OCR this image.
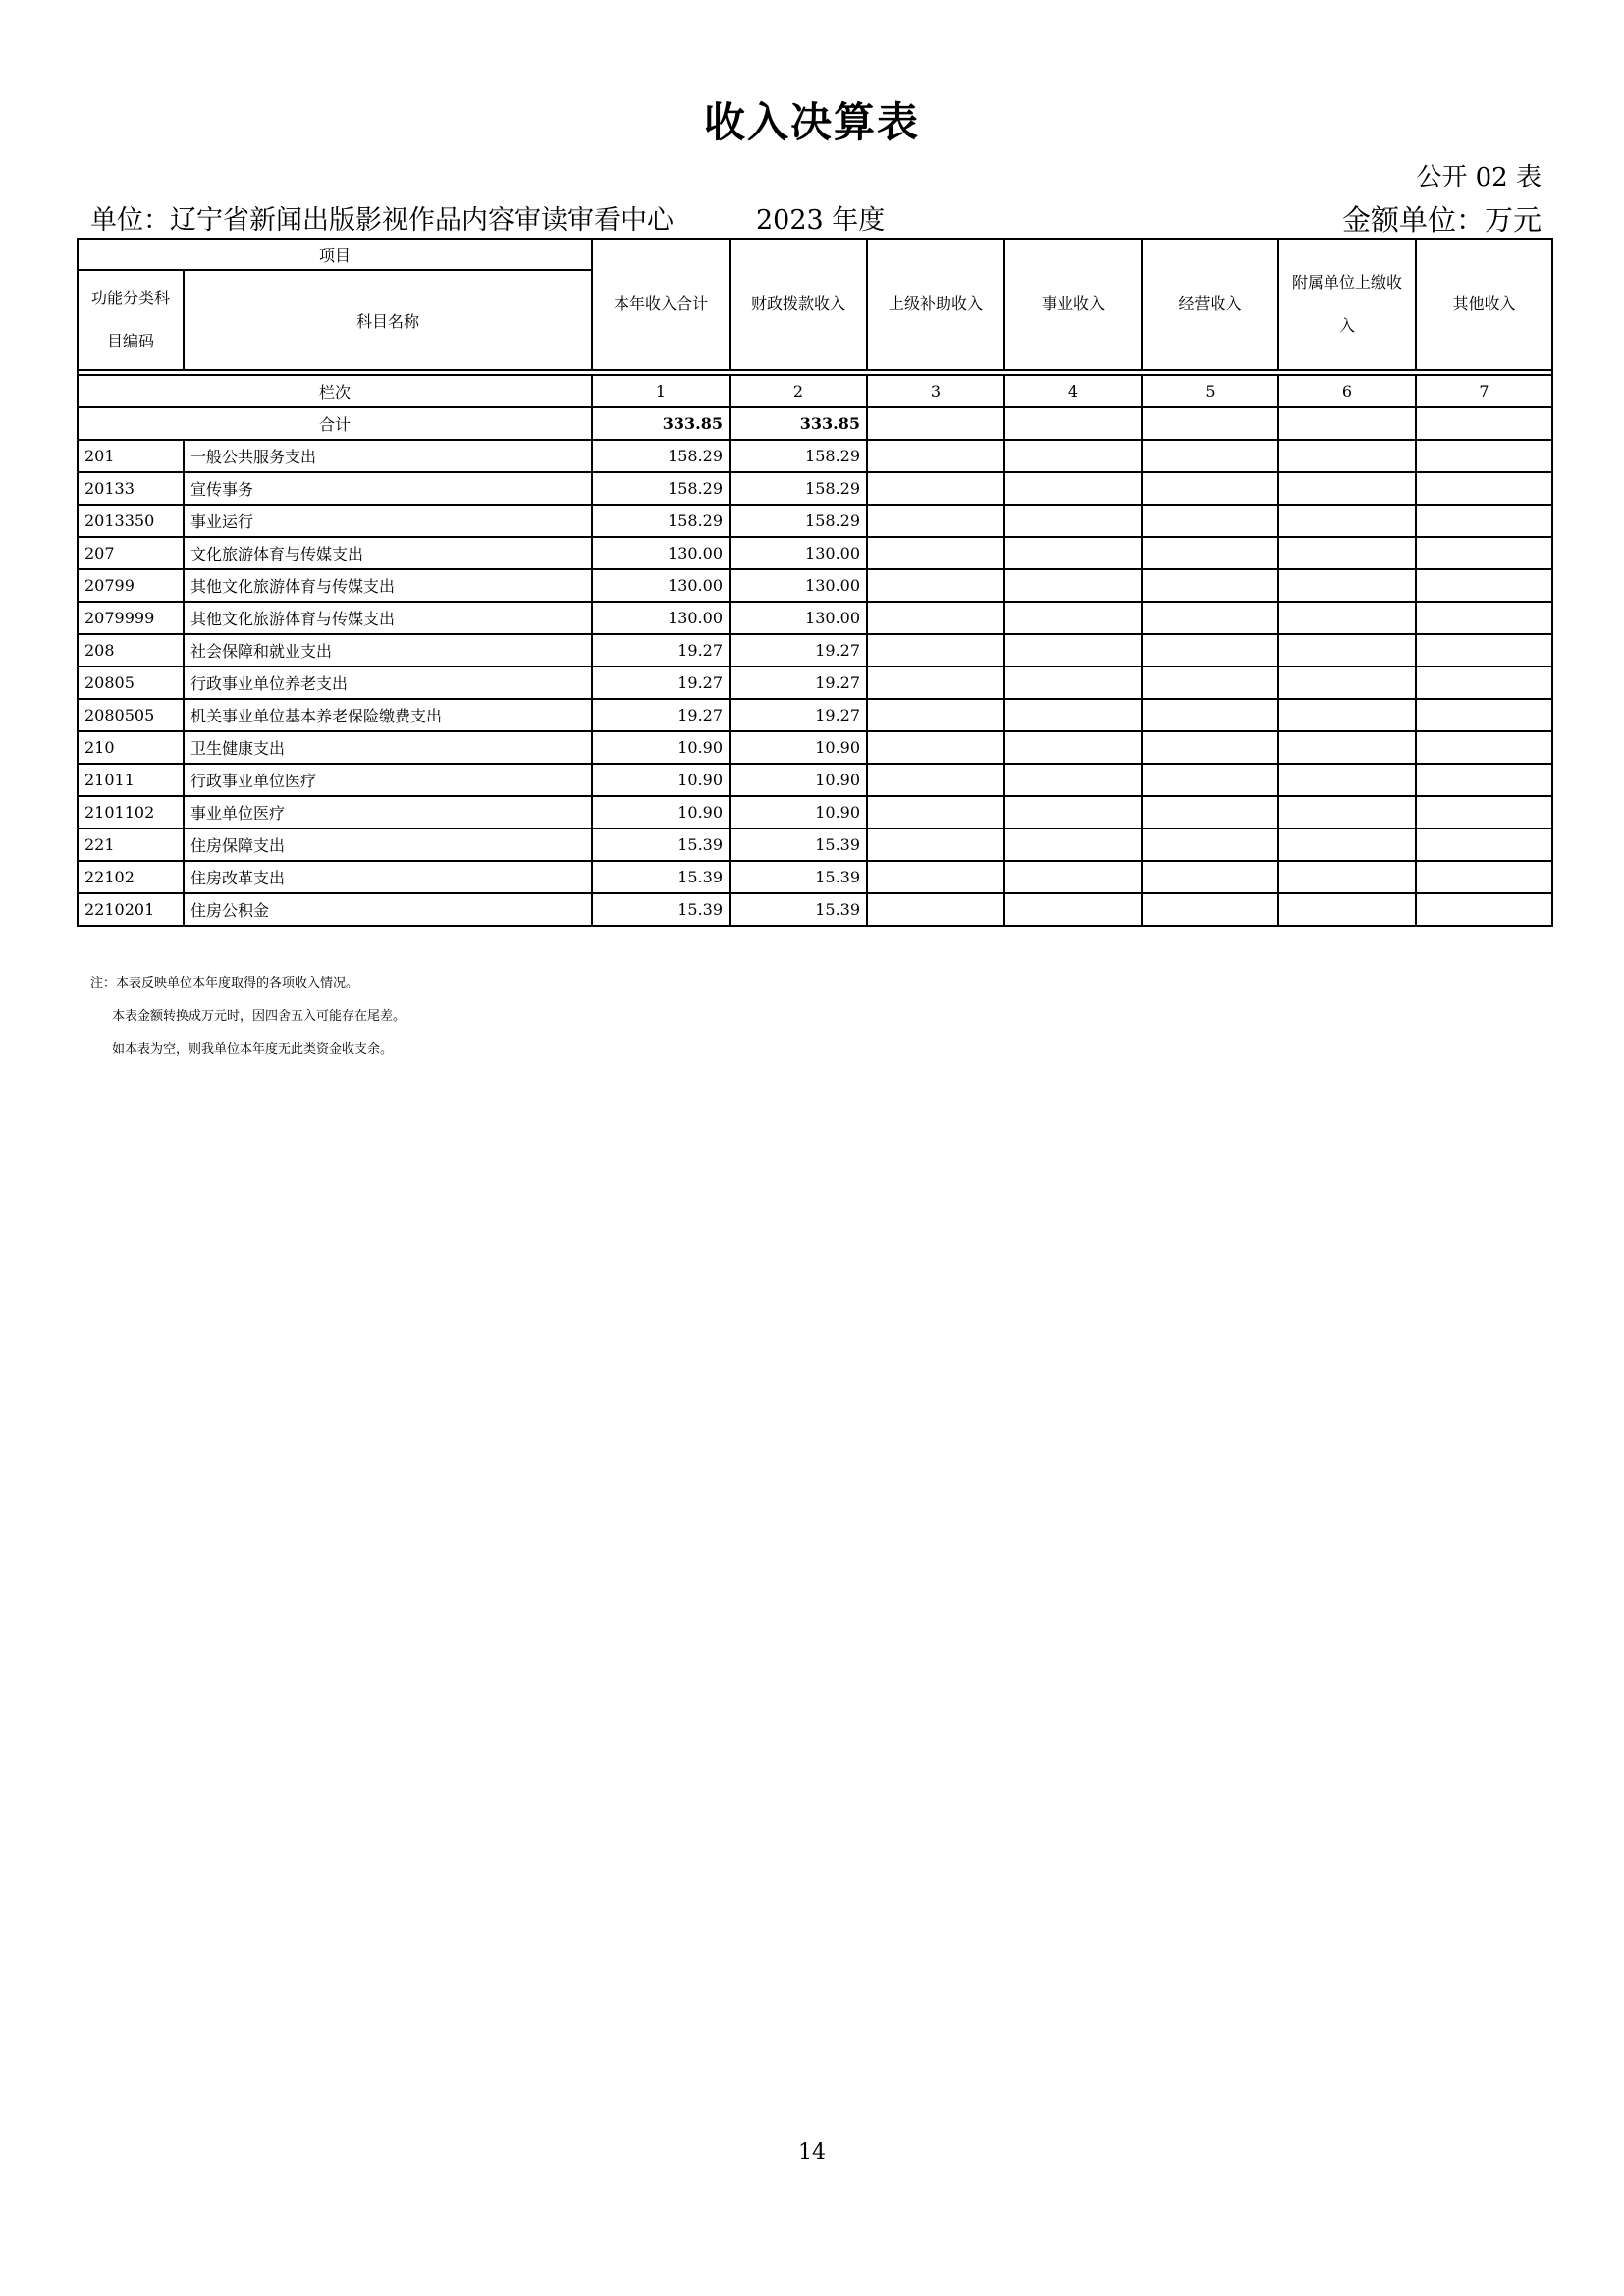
收入决算表
公开 02 表
单位：辽宁省新闻出版影视作品内容审读审看中心	2023 年度	金额单位：万元
项目		本年收入合计	财政拨款收入	上级补助收入	事业收入	经营收入	附属单位上缴收入	其他收入
功能分类科目编码	科目名称							

栏次		1	2	3	4	5	6	7
合计		333.85	333.85					
201	一般公共服务支出	158.29	158.29					
20133	宣传事务	158.29	158.29					
2013350	事业运行	158.29	158.29					
207	文化旅游体育与传媒支出	130.00	130.00					
20799	其他文化旅游体育与传媒支出	130.00	130.00					
2079999	其他文化旅游体育与传媒支出	130.00	130.00					
208	社会保障和就业支出	19.27	19.27					
20805	行政事业单位养老支出	19.27	19.27					
2080505	机关事业单位基本养老保险缴费支出	19.27	19.27					
210	卫生健康支出	10.90	10.90					
21011	行政事业单位医疗	10.90	10.90					
2101102	事业单位医疗	10.90	10.90					
221	住房保障支出	15.39	15.39					
22102	住房改革支出	15.39	15.39					
2210201	住房公积金	15.39	15.39					
注：本表反映单位本年度取得的各项收入情况。
本表金额转换成万元时，因四舍五入可能存在尾差。
如本表为空，则我单位本年度无此类资金收支余。
14
